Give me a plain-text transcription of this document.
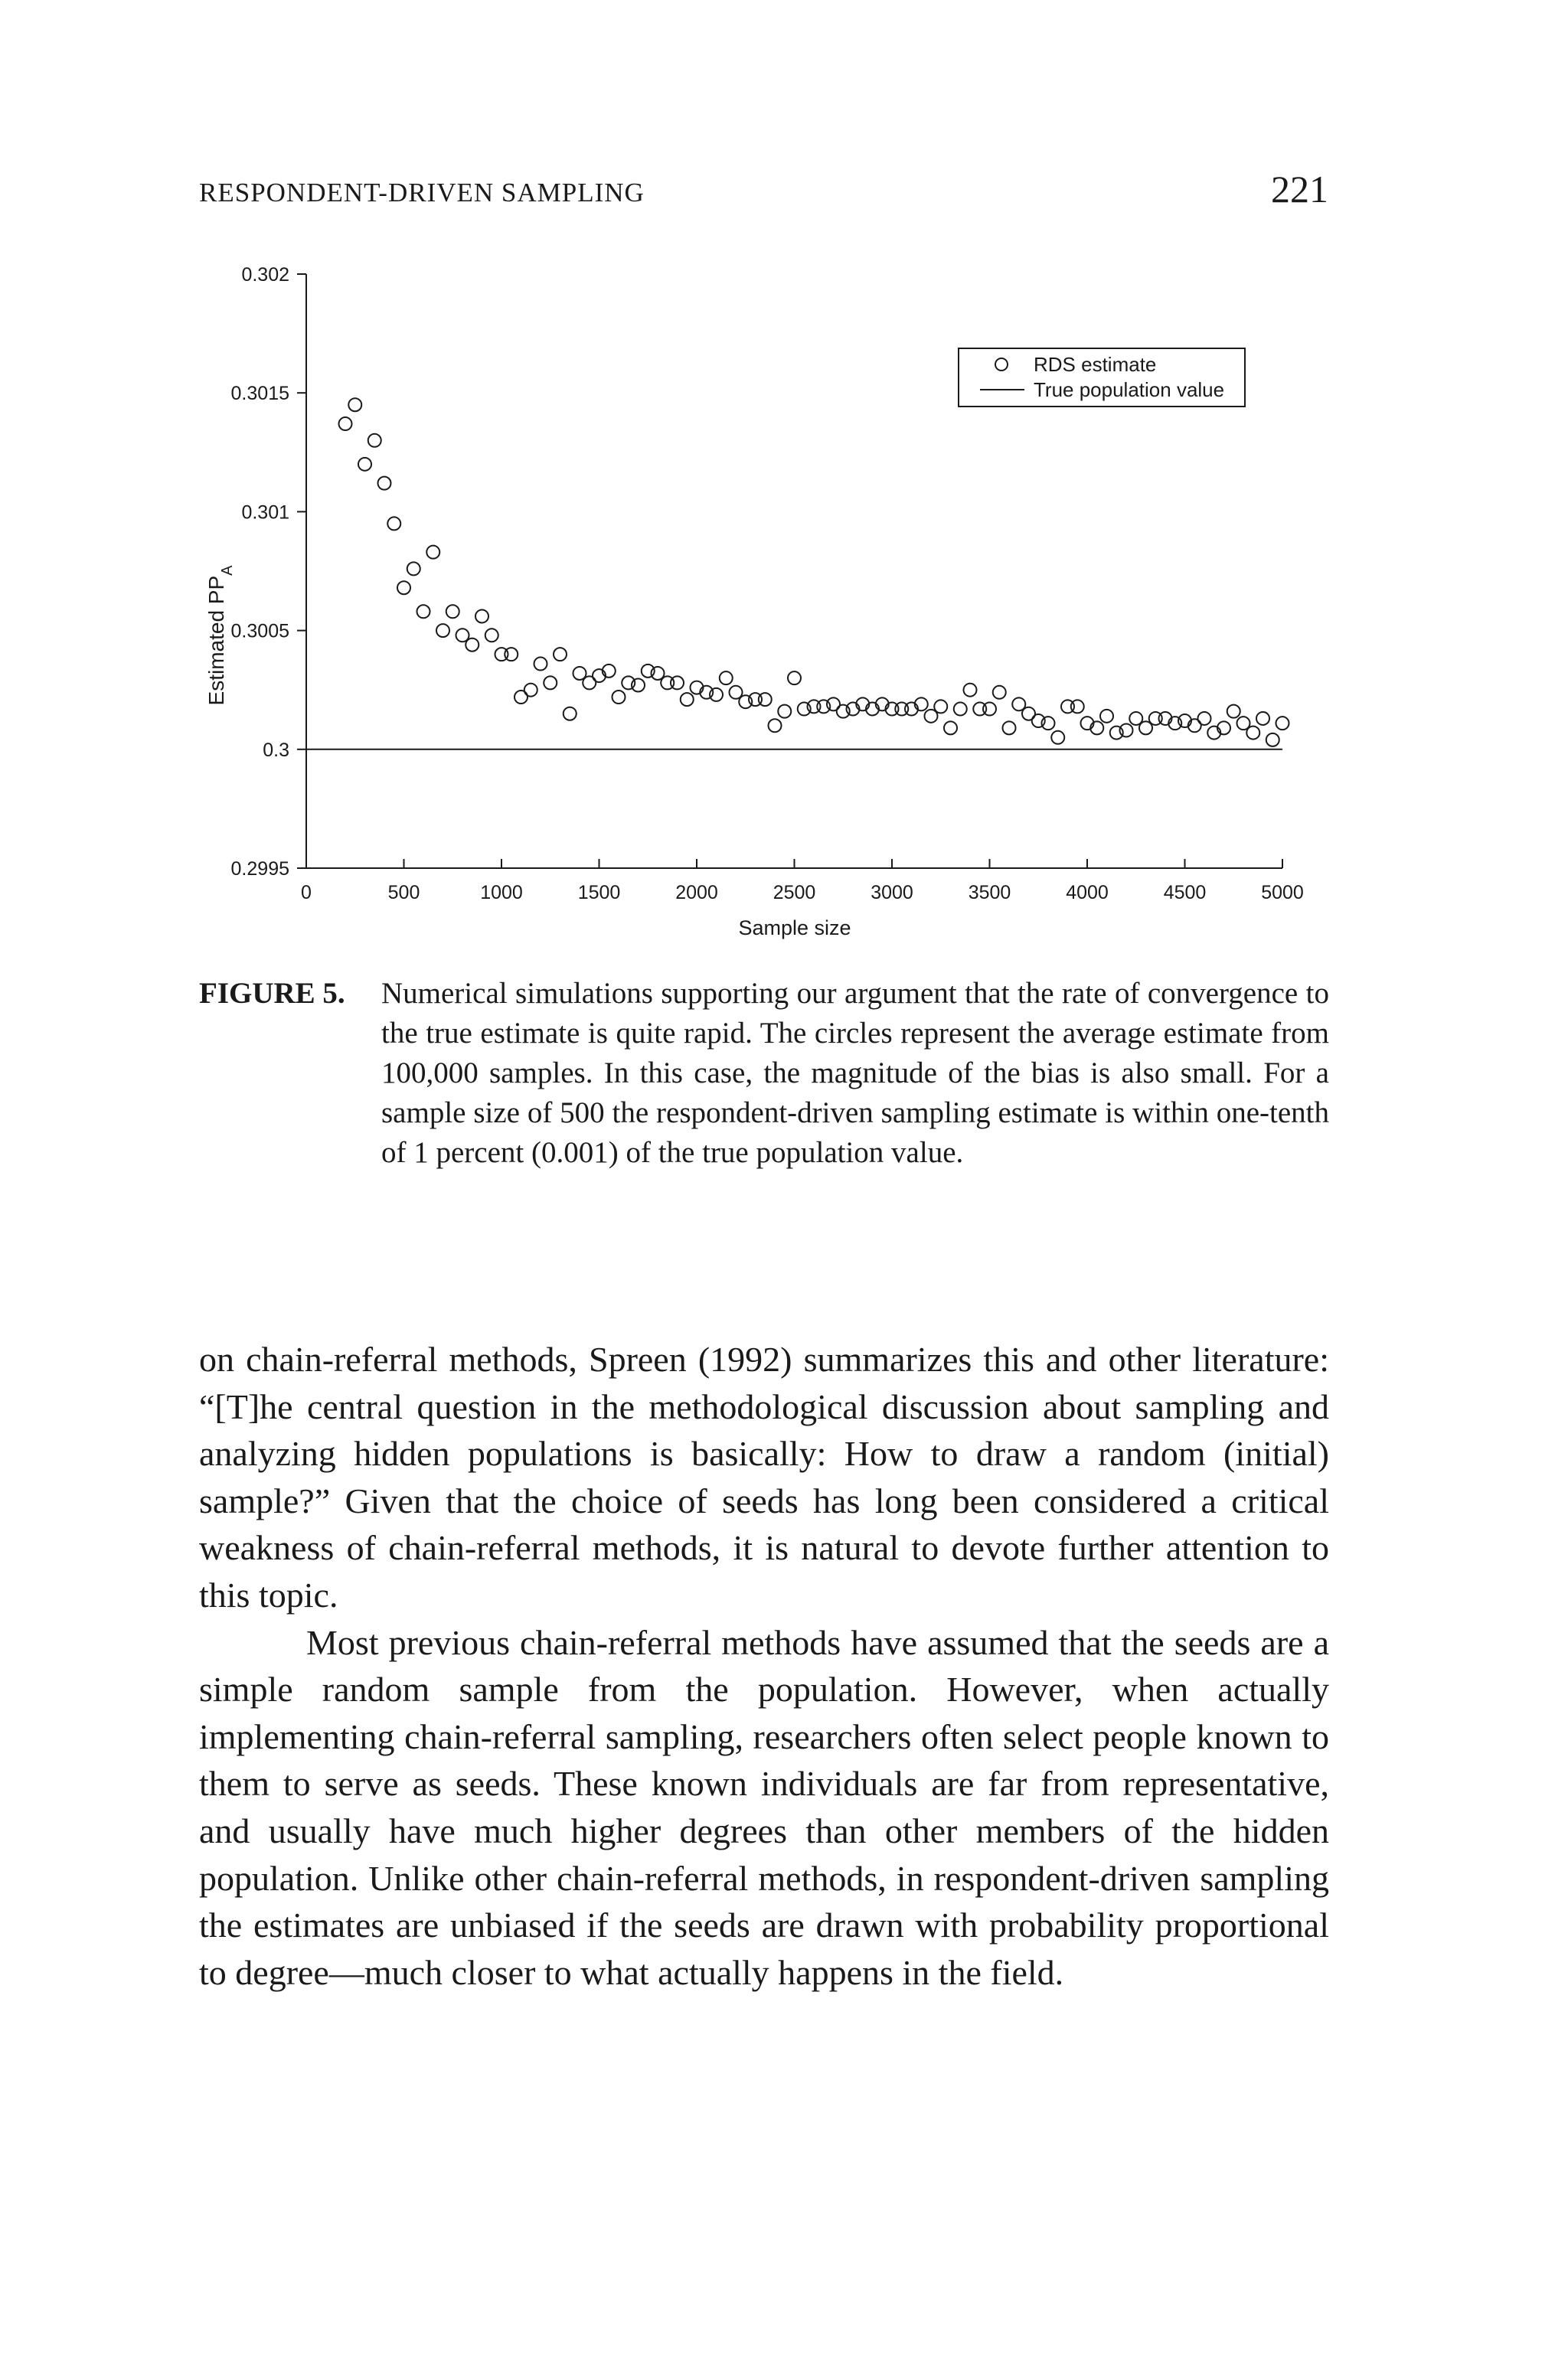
RESPONDENT-DRIVEN SAMPLING	221
0	500	1000	1500	2000	2500	3000	3500	4000	4500	5000
0.2995
0.3
0.3005
0.301
0.3015
0.302
RDS estimate
True population value
Sample size
Estimated $PP_A$
FIGURE 5. Numerical simulations supporting our argument that the rate of convergence to the true estimate is quite rapid. The circles represent the average estimate from 100,000 samples. In this case, the magnitude of the bias is also small. For a sample size of 500 the respondent-driven sampling estimate is within one-tenth of 1 percent (0.001) of the true population value.

on chain-referral methods, Spreen (1992) summarizes this and other literature: “[T]he central question in the methodological discussion about sampling and analyzing hidden populations is basically: How to draw a random (initial) sample?” Given that the choice of seeds has long been considered a critical weakness of chain-referral methods, it is natural to devote further attention to this topic.

Most previous chain-referral methods have assumed that the seeds are a simple random sample from the population. However, when actually implementing chain-referral sampling, researchers often select people known to them to serve as seeds. These known individuals are far from representative, and usually have much higher degrees than other members of the hidden population. Unlike other chain-referral methods, in respondent-driven sampling the estimates are unbiased if the seeds are drawn with probability proportional to degree—much closer to what actually happens in the field.
